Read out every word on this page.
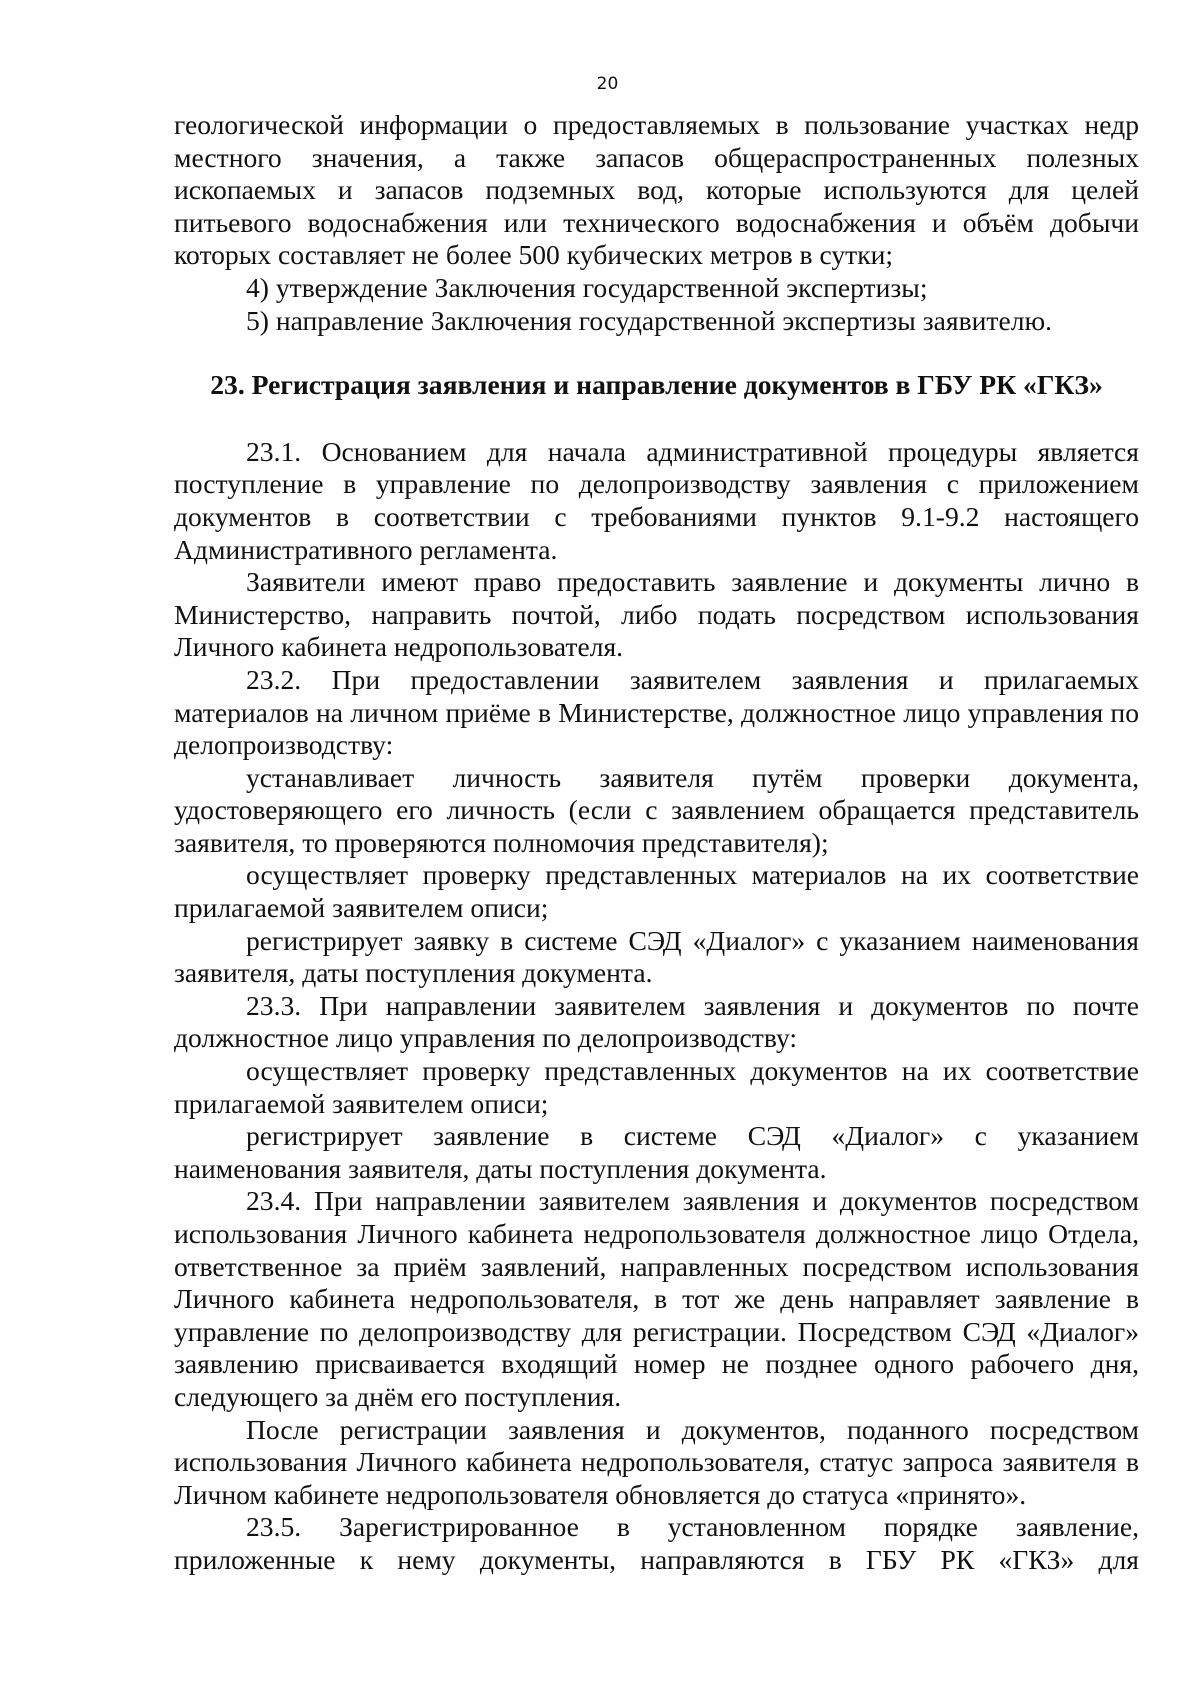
20

геологической информации о предоставляемых в пользование участках недр местного значения, а также запасов общераспространенных полезных ископаемых и запасов подземных вод, которые используются для целей питьевого водоснабжения или технического водоснабжения и объём добычи которых составляет не более 500 кубических метров в сутки;

4) утверждение Заключения государственной экспертизы;

5) направление Заключения государственной экспертизы заявителю.

23. Регистрация заявления и направление документов в ГБУ РК «ГКЗ»

23.1. Основанием для начала административной процедуры является поступление в управление по делопроизводству заявления с приложением документов в соответствии с требованиями пунктов 9.1-9.2 настоящего Административного регламента.

Заявители имеют право предоставить заявление и документы лично в Министерство, направить почтой, либо подать посредством использования Личного кабинета недропользователя.

23.2. При предоставлении заявителем заявления и прилагаемых материалов на личном приёме в Министерстве, должностное лицо управления по делопроизводству:

устанавливает личность заявителя путём проверки документа, удостоверяющего его личность (если с заявлением обращается представитель заявителя, то проверяются полномочия представителя);

осуществляет проверку представленных материалов на их соответствие прилагаемой заявителем описи;

регистрирует заявку в системе СЭД «Диалог» с указанием наименования заявителя, даты поступления документа.

23.3. При направлении заявителем заявления и документов по почте должностное лицо управления по делопроизводству:

осуществляет проверку представленных документов на их соответствие прилагаемой заявителем описи;

регистрирует заявление в системе СЭД «Диалог» с указанием наименования заявителя, даты поступления документа.

23.4. При направлении заявителем заявления и документов посредством использования Личного кабинета недропользователя должностное лицо Отдела, ответственное за приём заявлений, направленных посредством использования Личного кабинета недропользователя, в тот же день направляет заявление в управление по делопроизводству для регистрации. Посредством СЭД «Диалог» заявлению присваивается входящий номер не позднее одного рабочего дня, следующего за днём его поступления.

После регистрации заявления и документов, поданного посредством использования Личного кабинета недропользователя, статус запроса заявителя в Личном кабинете недропользователя обновляется до статуса «принято».

23.5. Зарегистрированное в установленном порядке заявление, приложенные к нему документы, направляются в ГБУ РК «ГКЗ» для
